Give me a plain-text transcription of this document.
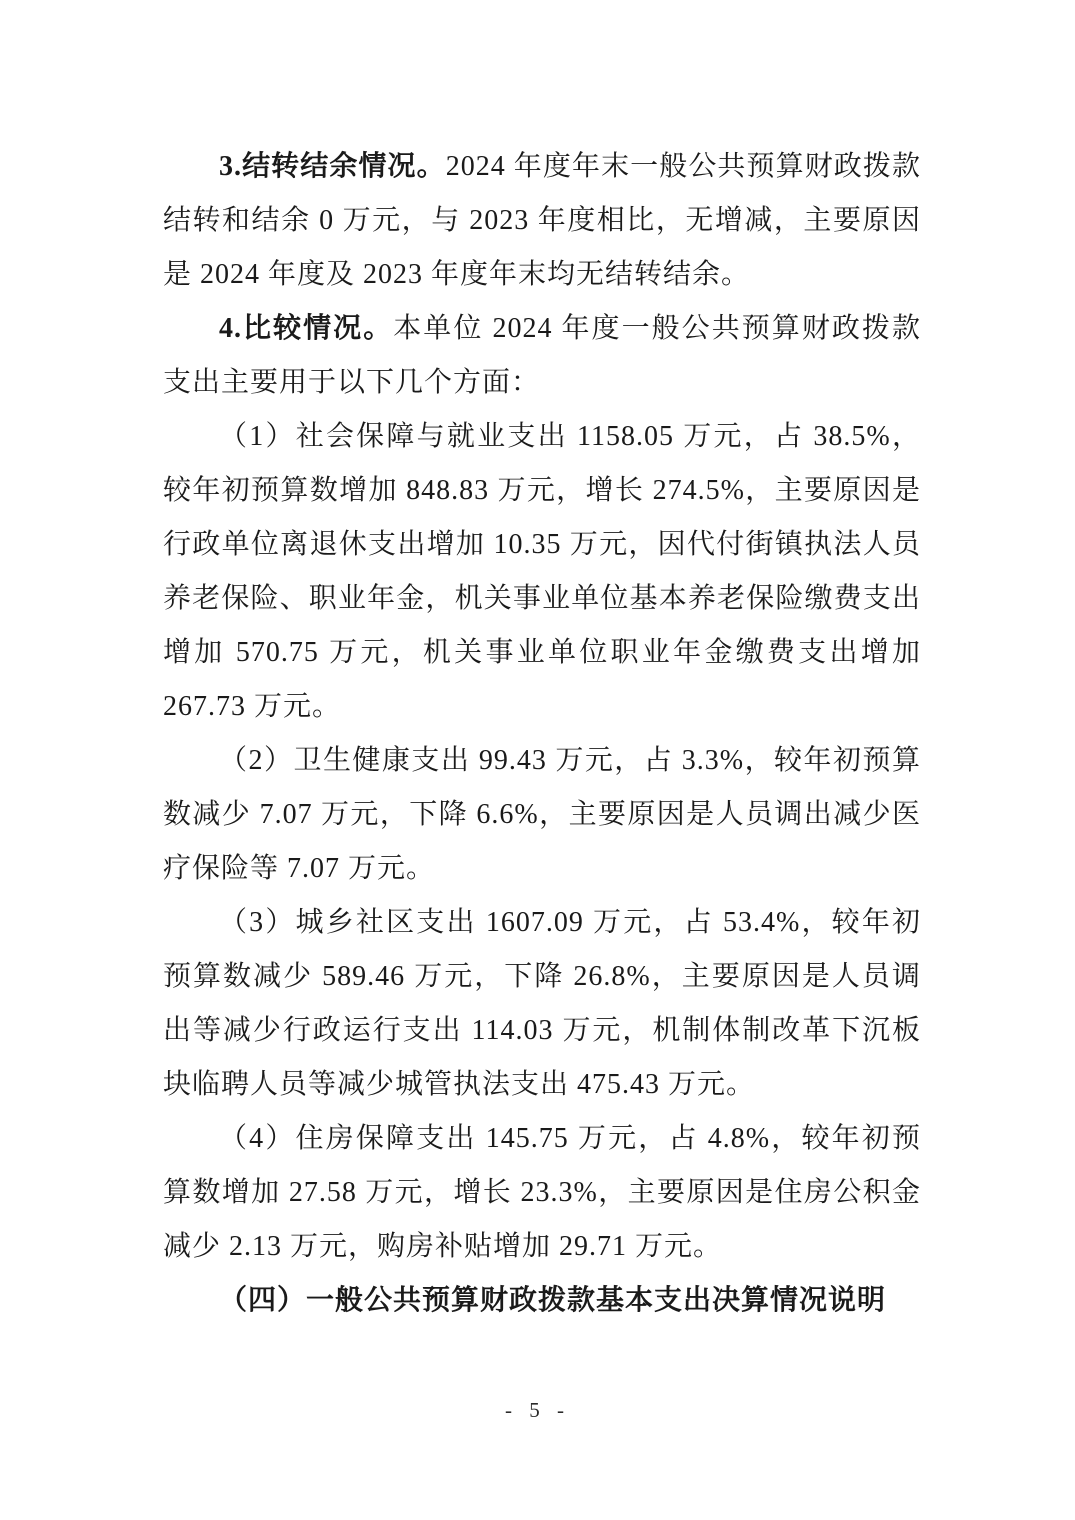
3.结转结余情况。2024 年度年末一般公共预算财政拨款结转和结余 0 万元，与 2023 年度相比，无增减，主要原因是 2024 年度及 2023 年度年末均无结转结余。

4.比较情况。本单位 2024 年度一般公共预算财政拨款支出主要用于以下几个方面：

（1）社会保障与就业支出 1158.05 万元，占 38.5%，较年初预算数增加 848.83 万元，增长 274.5%，主要原因是行政单位离退休支出增加 10.35 万元，因代付街镇执法人员养老保险、职业年金，机关事业单位基本养老保险缴费支出增加 570.75 万元，机关事业单位职业年金缴费支出增加 267.73 万元。

（2）卫生健康支出 99.43 万元，占 3.3%，较年初预算数减少 7.07 万元，下降 6.6%，主要原因是人员调出减少医疗保险等 7.07 万元。

（3）城乡社区支出 1607.09 万元，占 53.4%，较年初预算数减少 589.46 万元，下降 26.8%，主要原因是人员调出等减少行政运行支出 114.03 万元，机制体制改革下沉板块临聘人员等减少城管执法支出 475.43 万元。

（4）住房保障支出 145.75 万元，占 4.8%，较年初预算数增加 27.58 万元，增长 23.3%，主要原因是住房公积金减少 2.13 万元，购房补贴增加 29.71 万元。

（四）一般公共预算财政拨款基本支出决算情况说明

- 5 -
